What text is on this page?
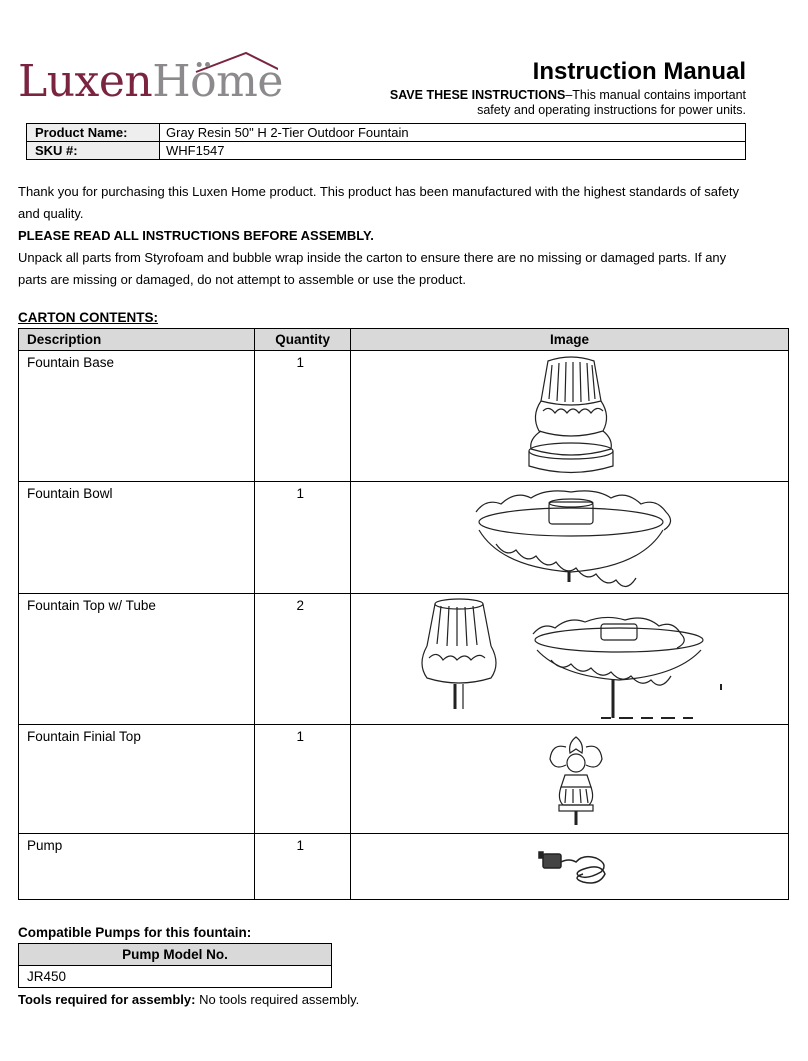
LuxenHöme	Instruction Manual
SAVE THESE INSTRUCTIONS–This manual contains important
safety and operating instructions for power units.
Product Name:	Gray Resin 50" H 2-Tier Outdoor Fountain
SKU #:	WHF1547
Thank you for purchasing this Luxen Home product. This product has been manufactured with the highest standards of safety and quality.
PLEASE READ ALL INSTRUCTIONS BEFORE ASSEMBLY.
Unpack all parts from Styrofoam and bubble wrap inside the carton to ensure there are no missing or damaged parts. If any parts are missing or damaged, do not attempt to assemble or use the product.
CARTON CONTENTS:
Description	Quantity	Image
Fountain Base	1	

Fountain Bowl	1	

Fountain Top w/ Tube	2	

Fountain Finial Top	1	

Pump	1	
Compatible Pumps for this fountain:
Pump Model No.
JR450
Tools required for assembly: No tools required assembly.
